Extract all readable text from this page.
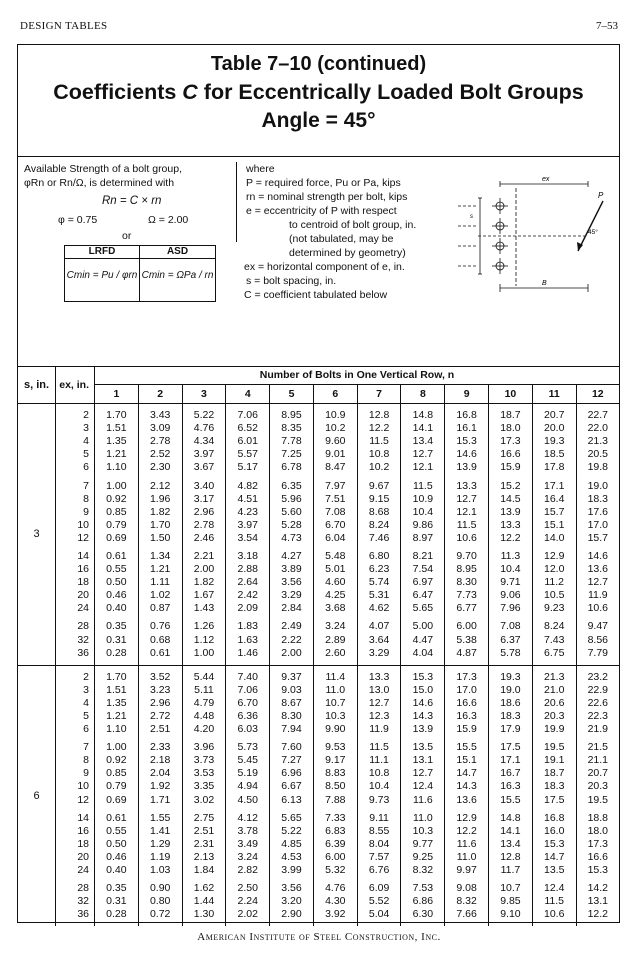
DESIGN TABLES	7–53
Table 7–10 (continued)
Coefficients C for Eccentrically Loaded Bolt Groups
Angle = 45°
Available Strength of a bolt group,
φRn or Rn/Ω, is determined with
Rn = C × rn
φ = 0.75	Ω = 2.00
or
LRFD	ASD
Cmin = Pu / φrn Cmin = ΩPa / rn
where
P = required force, Pu or Pa, kips
rn = nominal strength per bolt, kips
e = eccentricity of P with respect
to centroid of bolt group, in.
(not tabulated, may be
determined by geometry)
ex = horizontal component of e, in.
s = bolt spacing, in.
C = coefficient tabulated below
ex
P
45°
B
s
s, in.	ex, in.	Number of Bolts in One Vertical Row, n											
		1	2	3	4	5	6	7	8	9	10	11	12
3													
	2	1.70	3.43	5.22	7.06	8.95	10.9	12.8	14.8	16.8	18.7	20.7	22.7
	3	1.51	3.09	4.76	6.52	8.35	10.2	12.2	14.1	16.1	18.0	20.0	22.0
	4	1.35	2.78	4.34	6.01	7.78	9.60	11.5	13.4	15.3	17.3	19.3	21.3
	5	1.21	2.52	3.97	5.57	7.25	9.01	10.8	12.7	14.6	16.6	18.5	20.5
	6	1.10	2.30	3.67	5.17	6.78	8.47	10.2	12.1	13.9	15.9	17.8	19.8

	7	1.00	2.12	3.40	4.82	6.35	7.97	9.67	11.5	13.3	15.2	17.1	19.0
	8	0.92	1.96	3.17	4.51	5.96	7.51	9.15	10.9	12.7	14.5	16.4	18.3
	9	0.85	1.82	2.96	4.23	5.60	7.08	8.68	10.4	12.1	13.9	15.7	17.6
	10	0.79	1.70	2.78	3.97	5.28	6.70	8.24	9.86	11.5	13.3	15.1	17.0
	12	0.69	1.50	2.46	3.54	4.73	6.04	7.46	8.97	10.6	12.2	14.0	15.7

	14	0.61	1.34	2.21	3.18	4.27	5.48	6.80	8.21	9.70	11.3	12.9	14.6
	16	0.55	1.21	2.00	2.88	3.89	5.01	6.23	7.54	8.95	10.4	12.0	13.6
	18	0.50	1.11	1.82	2.64	3.56	4.60	5.74	6.97	8.30	9.71	11.2	12.7
	20	0.46	1.02	1.67	2.42	3.29	4.25	5.31	6.47	7.73	9.06	10.5	11.9
	24	0.40	0.87	1.43	2.09	2.84	3.68	4.62	5.65	6.77	7.96	9.23	10.6

	28	0.35	0.76	1.26	1.83	2.49	3.24	4.07	5.00	6.00	7.08	8.24	9.47
	32	0.31	0.68	1.12	1.63	2.22	2.89	3.64	4.47	5.38	6.37	7.43	8.56
	36	0.28	0.61	1.00	1.46	2.00	2.60	3.29	4.04	4.87	5.78	6.75	7.79

6													
	2	1.70	3.52	5.44	7.40	9.37	11.4	13.3	15.3	17.3	19.3	21.3	23.2
	3	1.51	3.23	5.11	7.06	9.03	11.0	13.0	15.0	17.0	19.0	21.0	22.9
	4	1.35	2.96	4.79	6.70	8.67	10.7	12.7	14.6	16.6	18.6	20.6	22.6
	5	1.21	2.72	4.48	6.36	8.30	10.3	12.3	14.3	16.3	18.3	20.3	22.3
	6	1.10	2.51	4.20	6.03	7.94	9.90	11.9	13.9	15.9	17.9	19.9	21.9

	7	1.00	2.33	3.96	5.73	7.60	9.53	11.5	13.5	15.5	17.5	19.5	21.5
	8	0.92	2.18	3.73	5.45	7.27	9.17	11.1	13.1	15.1	17.1	19.1	21.1
	9	0.85	2.04	3.53	5.19	6.96	8.83	10.8	12.7	14.7	16.7	18.7	20.7
	10	0.79	1.92	3.35	4.94	6.67	8.50	10.4	12.4	14.3	16.3	18.3	20.3
	12	0.69	1.71	3.02	4.50	6.13	7.88	9.73	11.6	13.6	15.5	17.5	19.5

	14	0.61	1.55	2.75	4.12	5.65	7.33	9.11	11.0	12.9	14.8	16.8	18.8
	16	0.55	1.41	2.51	3.78	5.22	6.83	8.55	10.3	12.2	14.1	16.0	18.0
	18	0.50	1.29	2.31	3.49	4.85	6.39	8.04	9.77	11.6	13.4	15.3	17.3
	20	0.46	1.19	2.13	3.24	4.53	6.00	7.57	9.25	11.0	12.8	14.7	16.6
	24	0.40	1.03	1.84	2.82	3.99	5.32	6.76	8.32	9.97	11.7	13.5	15.3

	28	0.35	0.90	1.62	2.50	3.56	4.76	6.09	7.53	9.08	10.7	12.4	14.2
	32	0.31	0.80	1.44	2.24	3.20	4.30	5.52	6.86	8.32	9.85	11.5	13.1
	36	0.28	0.72	1.30	2.02	2.90	3.92	5.04	6.30	7.66	9.10	10.6	12.2

American Institute of Steel Construction, Inc.
